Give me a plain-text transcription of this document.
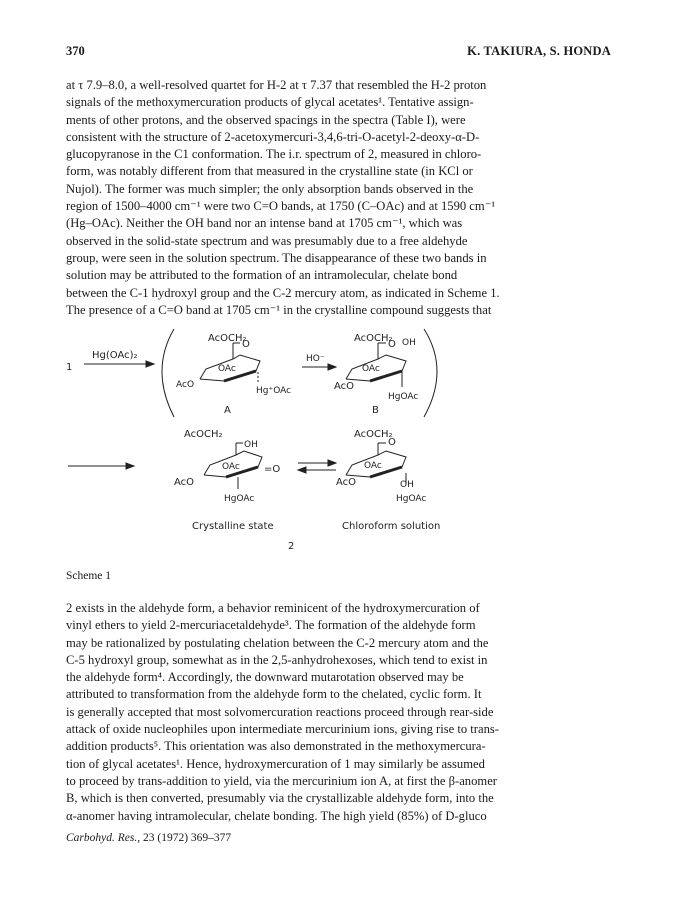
370	K. TAKIURA, S. HONDA
at τ 7.9–8.0, a well-resolved quartet for H-2 at τ 7.37 that resembled the H-2 proton
signals of the methoxymercuration products of glycal acetates¹. Tentative assign-
ments of other protons, and the observed spacings in the spectra (Table I), were
consistent with the structure of 2-acetoxymercuri-3,4,6-tri-O-acetyl-2-deoxy-α-D-
glucopyranose in the C1 conformation. The i.r. spectrum of 2, measured in chloro-
form, was notably different from that measured in the crystalline state (in KCl or
Nujol). The former was much simpler; the only absorption bands observed in the
region of 1500–4000 cm⁻¹ were two C=O bands, at 1750 (C–OAc) and at 1590 cm⁻¹
(Hg–OAc). Neither the OH band nor an intense band at 1705 cm⁻¹, which was
observed in the solid-state spectrum and was presumably due to a free aldehyde
group, were seen in the solution spectrum. The disappearance of these two bands in
solution may be attributed to the formation of an intramolecular, chelate bond
between the C-1 hydroxyl group and the C-2 mercury atom, as indicated in Scheme 1.
The presence of a C=O band at 1705 cm⁻¹ in the crystalline compound suggests that
1
Hg(OAc)₂
AcOCH₂
O
OAc
AcO
Hg⁺OAc
A
HO⁻
AcOCH₂
O OH
OAc
AcO
HgOAc
B
AcOCH₂
OH
OAc =O
AcO
HgOAc
Crystalline state
AcOCH₂
O
OAc
AcO	OH
HgOAc
Chloroform solution
2
Scheme 1
2 exists in the aldehyde form, a behavior reminicent of the hydroxymercuration of
vinyl ethers to yield 2-mercuriacetaldehyde³. The formation of the aldehyde form
may be rationalized by postulating chelation between the C-2 mercury atom and the
C-5 hydroxyl group, somewhat as in the 2,5-anhydrohexoses, which tend to exist in
the aldehyde form⁴. Accordingly, the downward mutarotation observed may be
attributed to transformation from the aldehyde form to the chelated, cyclic form. It
is generally accepted that most solvomercuration reactions proceed through rear-side
attack of oxide nucleophiles upon intermediate mercurinium ions, giving rise to trans-
addition products⁵. This orientation was also demonstrated in the methoxymercura-
tion of glycal acetates¹. Hence, hydroxymercuration of 1 may similarly be assumed
to proceed by trans-addition to yield, via the mercurinium ion A, at first the β-anomer
B, which is then converted, presumably via the crystallizable aldehyde form, into the
α-anomer having intramolecular, chelate bonding. The high yield (85%) of D-gluco
Carbohyd. Res., 23 (1972) 369–377
